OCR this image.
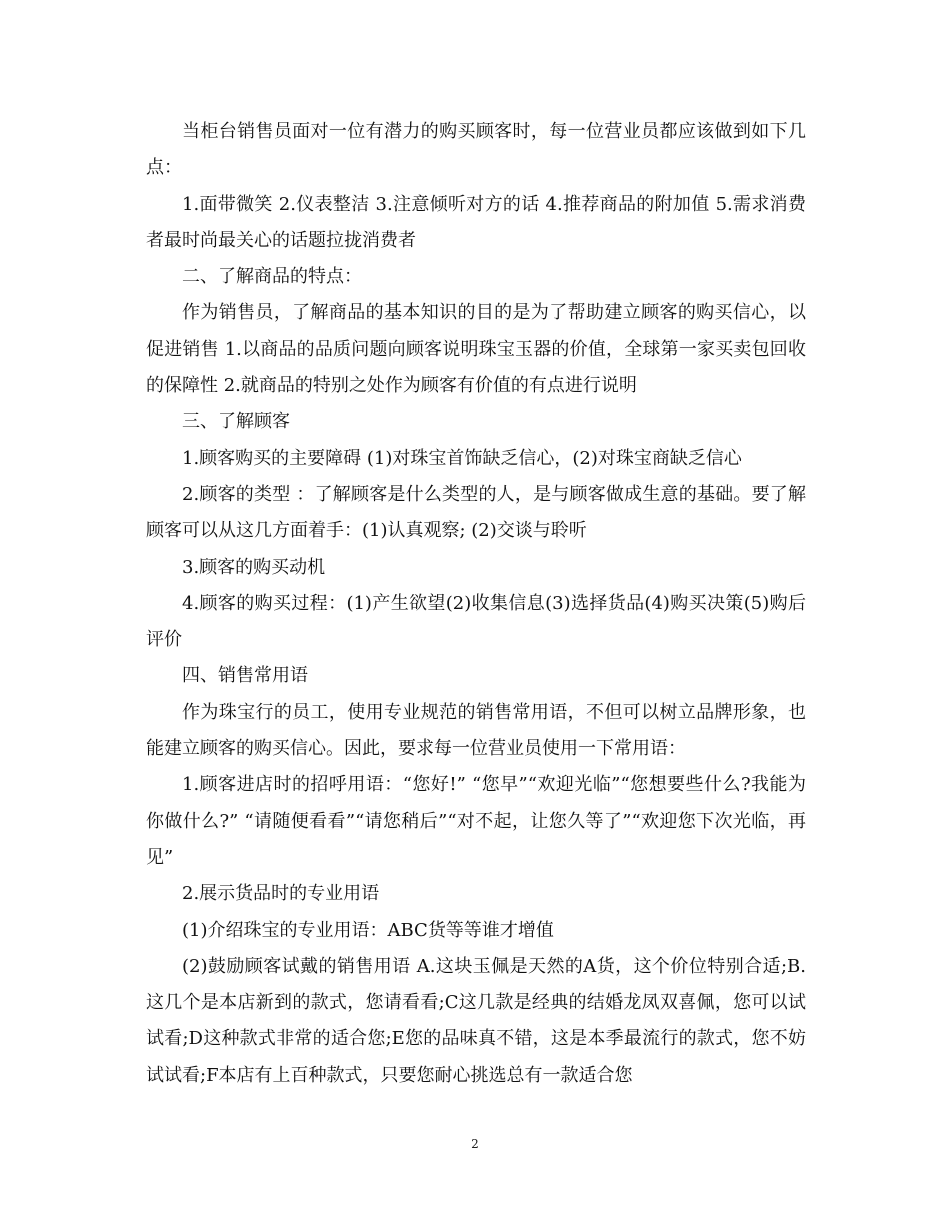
当柜台销售员面对一位有潜力的购买顾客时，每一位营业员都应该做到如下几点：

1.面带微笑 2.仪表整洁 3.注意倾听对方的话 4.推荐商品的附加值 5.需求消费者最时尚最关心的话题拉拢消费者

二、了解商品的特点：

作为销售员，了解商品的基本知识的目的是为了帮助建立顾客的购买信心，以促进销售 1.以商品的品质问题向顾客说明珠宝玉器的价值，全球第一家买卖包回收的保障性 2.就商品的特别之处作为顾客有价值的有点进行说明

三、了解顾客

1.顾客购买的主要障碍 (1)对珠宝首饰缺乏信心，(2)对珠宝商缺乏信心

2.顾客的类型 ：了解顾客是什么类型的人，是与顾客做成生意的基础。要了解顾客可以从这几方面着手：(1)认真观察; (2)交谈与聆听

3.顾客的购买动机

4.顾客的购买过程：(1)产生欲望(2)收集信息(3)选择货品(4)购买决策(5)购后评价

四、销售常用语

作为珠宝行的员工，使用专业规范的销售常用语，不但可以树立品牌形象，也能建立顾客的购买信心。因此，要求每一位营业员使用一下常用语：

1.顾客进店时的招呼用语：“您好!” “您早”“欢迎光临”“您想要些什么?我能为你做什么?” “请随便看看”“请您稍后”“对不起，让您久等了”“欢迎您下次光临，再见”

2.展示货品时的专业用语

(1)介绍珠宝的专业用语：ABC货等等谁才增值

(2)鼓励顾客试戴的销售用语 A.这块玉佩是天然的A货，这个价位特别合适;B.这几个是本店新到的款式，您请看看;C这几款是经典的结婚龙凤双喜佩，您可以试试看;D这种款式非常的适合您;E您的品味真不错，这是本季最流行的款式，您不妨试试看;F本店有上百种款式，只要您耐心挑选总有一款适合您

2
